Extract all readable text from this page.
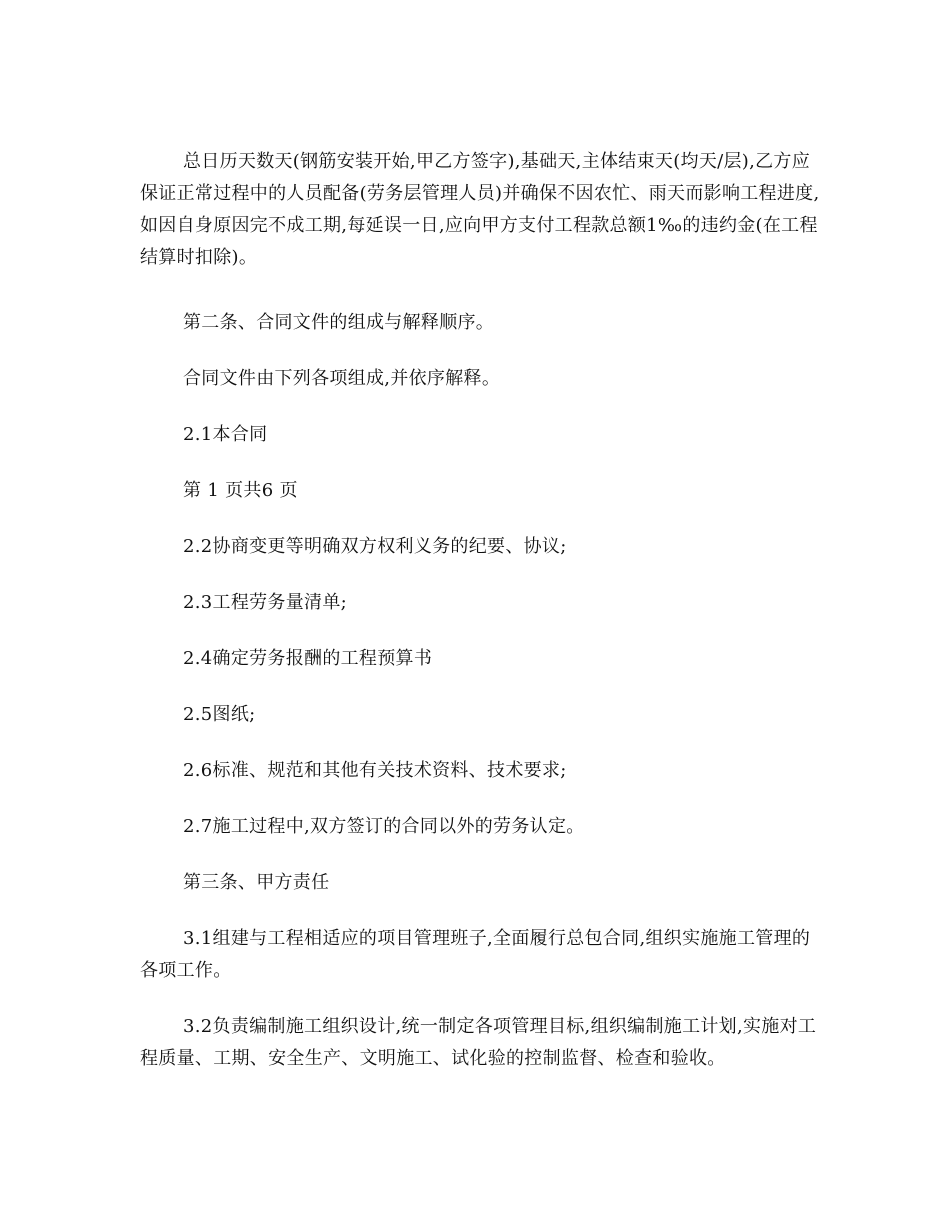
总日历天数天(钢筋安装开始,甲乙方签字),基础天,主体结束天(均天/层),乙方应保证正常过程中的人员配备(劳务层管理人员)并确保不因农忙、雨天而影响工程进度,如因自身原因完不成工期,每延误一日,应向甲方支付工程款总额1‰的违约金(在工程结算时扣除)。

第二条、合同文件的组成与解释顺序。

合同文件由下列各项组成,并依序解释。

2.1本合同

第 1 页共6 页

2.2协商变更等明确双方权利义务的纪要、协议;

2.3工程劳务量清单;

2.4确定劳务报酬的工程预算书

2.5图纸;

2.6标准、规范和其他有关技术资料、技术要求;

2.7施工过程中,双方签订的合同以外的劳务认定。

第三条、甲方责任

3.1组建与工程相适应的项目管理班子,全面履行总包合同,组织实施施工管理的各项工作。

3.2负责编制施工组织设计,统一制定各项管理目标,组织编制施工计划,实施对工程质量、工期、安全生产、文明施工、试化验的控制监督、检查和验收。
